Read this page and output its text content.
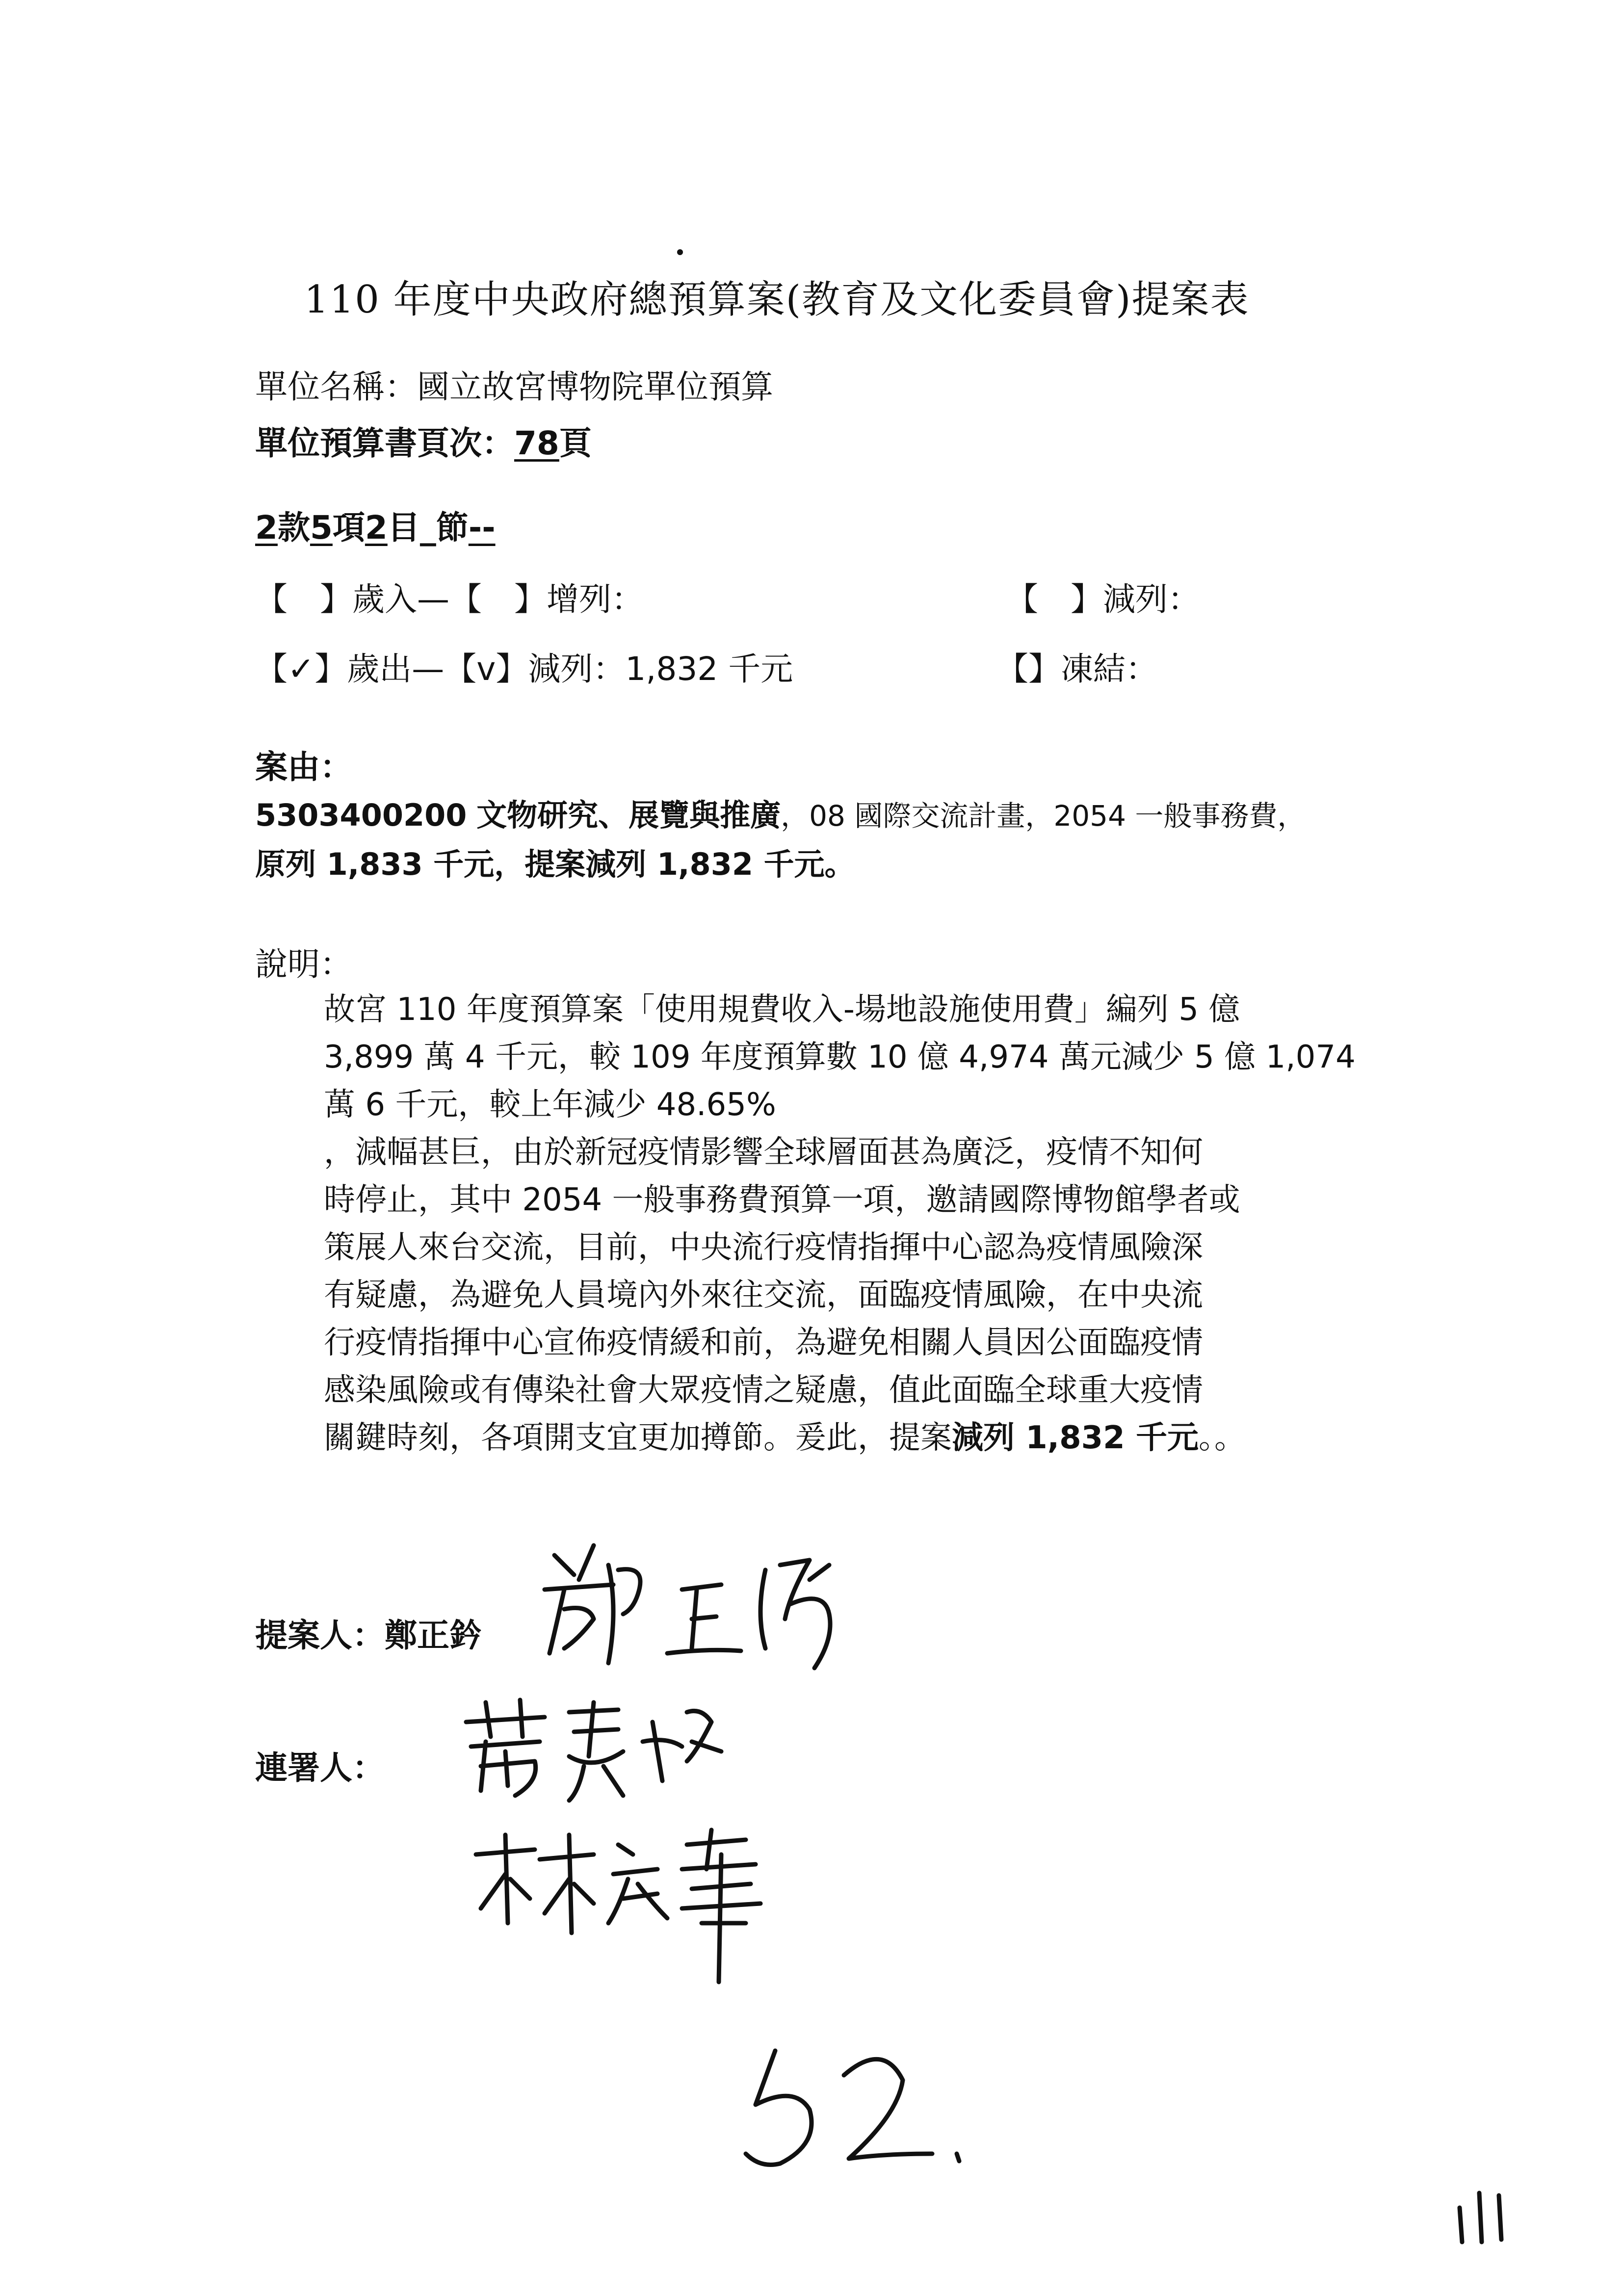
110 年度中央政府總預算案(教育及文化委員會)提案表
單位名稱：國立故宮博物院單位預算
單位預算書頁次：78頁
2款5項2目_節--
【　】歲入—【　】增列：	【　】減列：
【✓】歲出—【v】減列：1,832 千元	【】凍結：
案由：
5303400200 文物研究、展覽與推廣，08 國際交流計畫，2054 一般事務費，
原列 1,833 千元，提案減列 1,832 千元。
說明：
故宮 110 年度預算案「使用規費收入-場地設施使用費」編列 5 億
3,899 萬 4 千元，較 109 年度預算數 10 億 4,974 萬元減少 5 億 1,074
萬 6 千元，較上年減少 48.65%
，減幅甚巨，由於新冠疫情影響全球層面甚為廣泛，疫情不知何
時停止，其中 2054 一般事務費預算一項，邀請國際博物館學者或
策展人來台交流，目前，中央流行疫情指揮中心認為疫情風險深
有疑慮，為避免人員境內外來往交流，面臨疫情風險，在中央流
行疫情指揮中心宣佈疫情緩和前，為避免相關人員因公面臨疫情
感染風險或有傳染社會大眾疫情之疑慮，值此面臨全球重大疫情
關鍵時刻，各項開支宜更加撙節。爰此，提案減列 1,832 千元。。
提案人：鄭正鈐
連署人：
